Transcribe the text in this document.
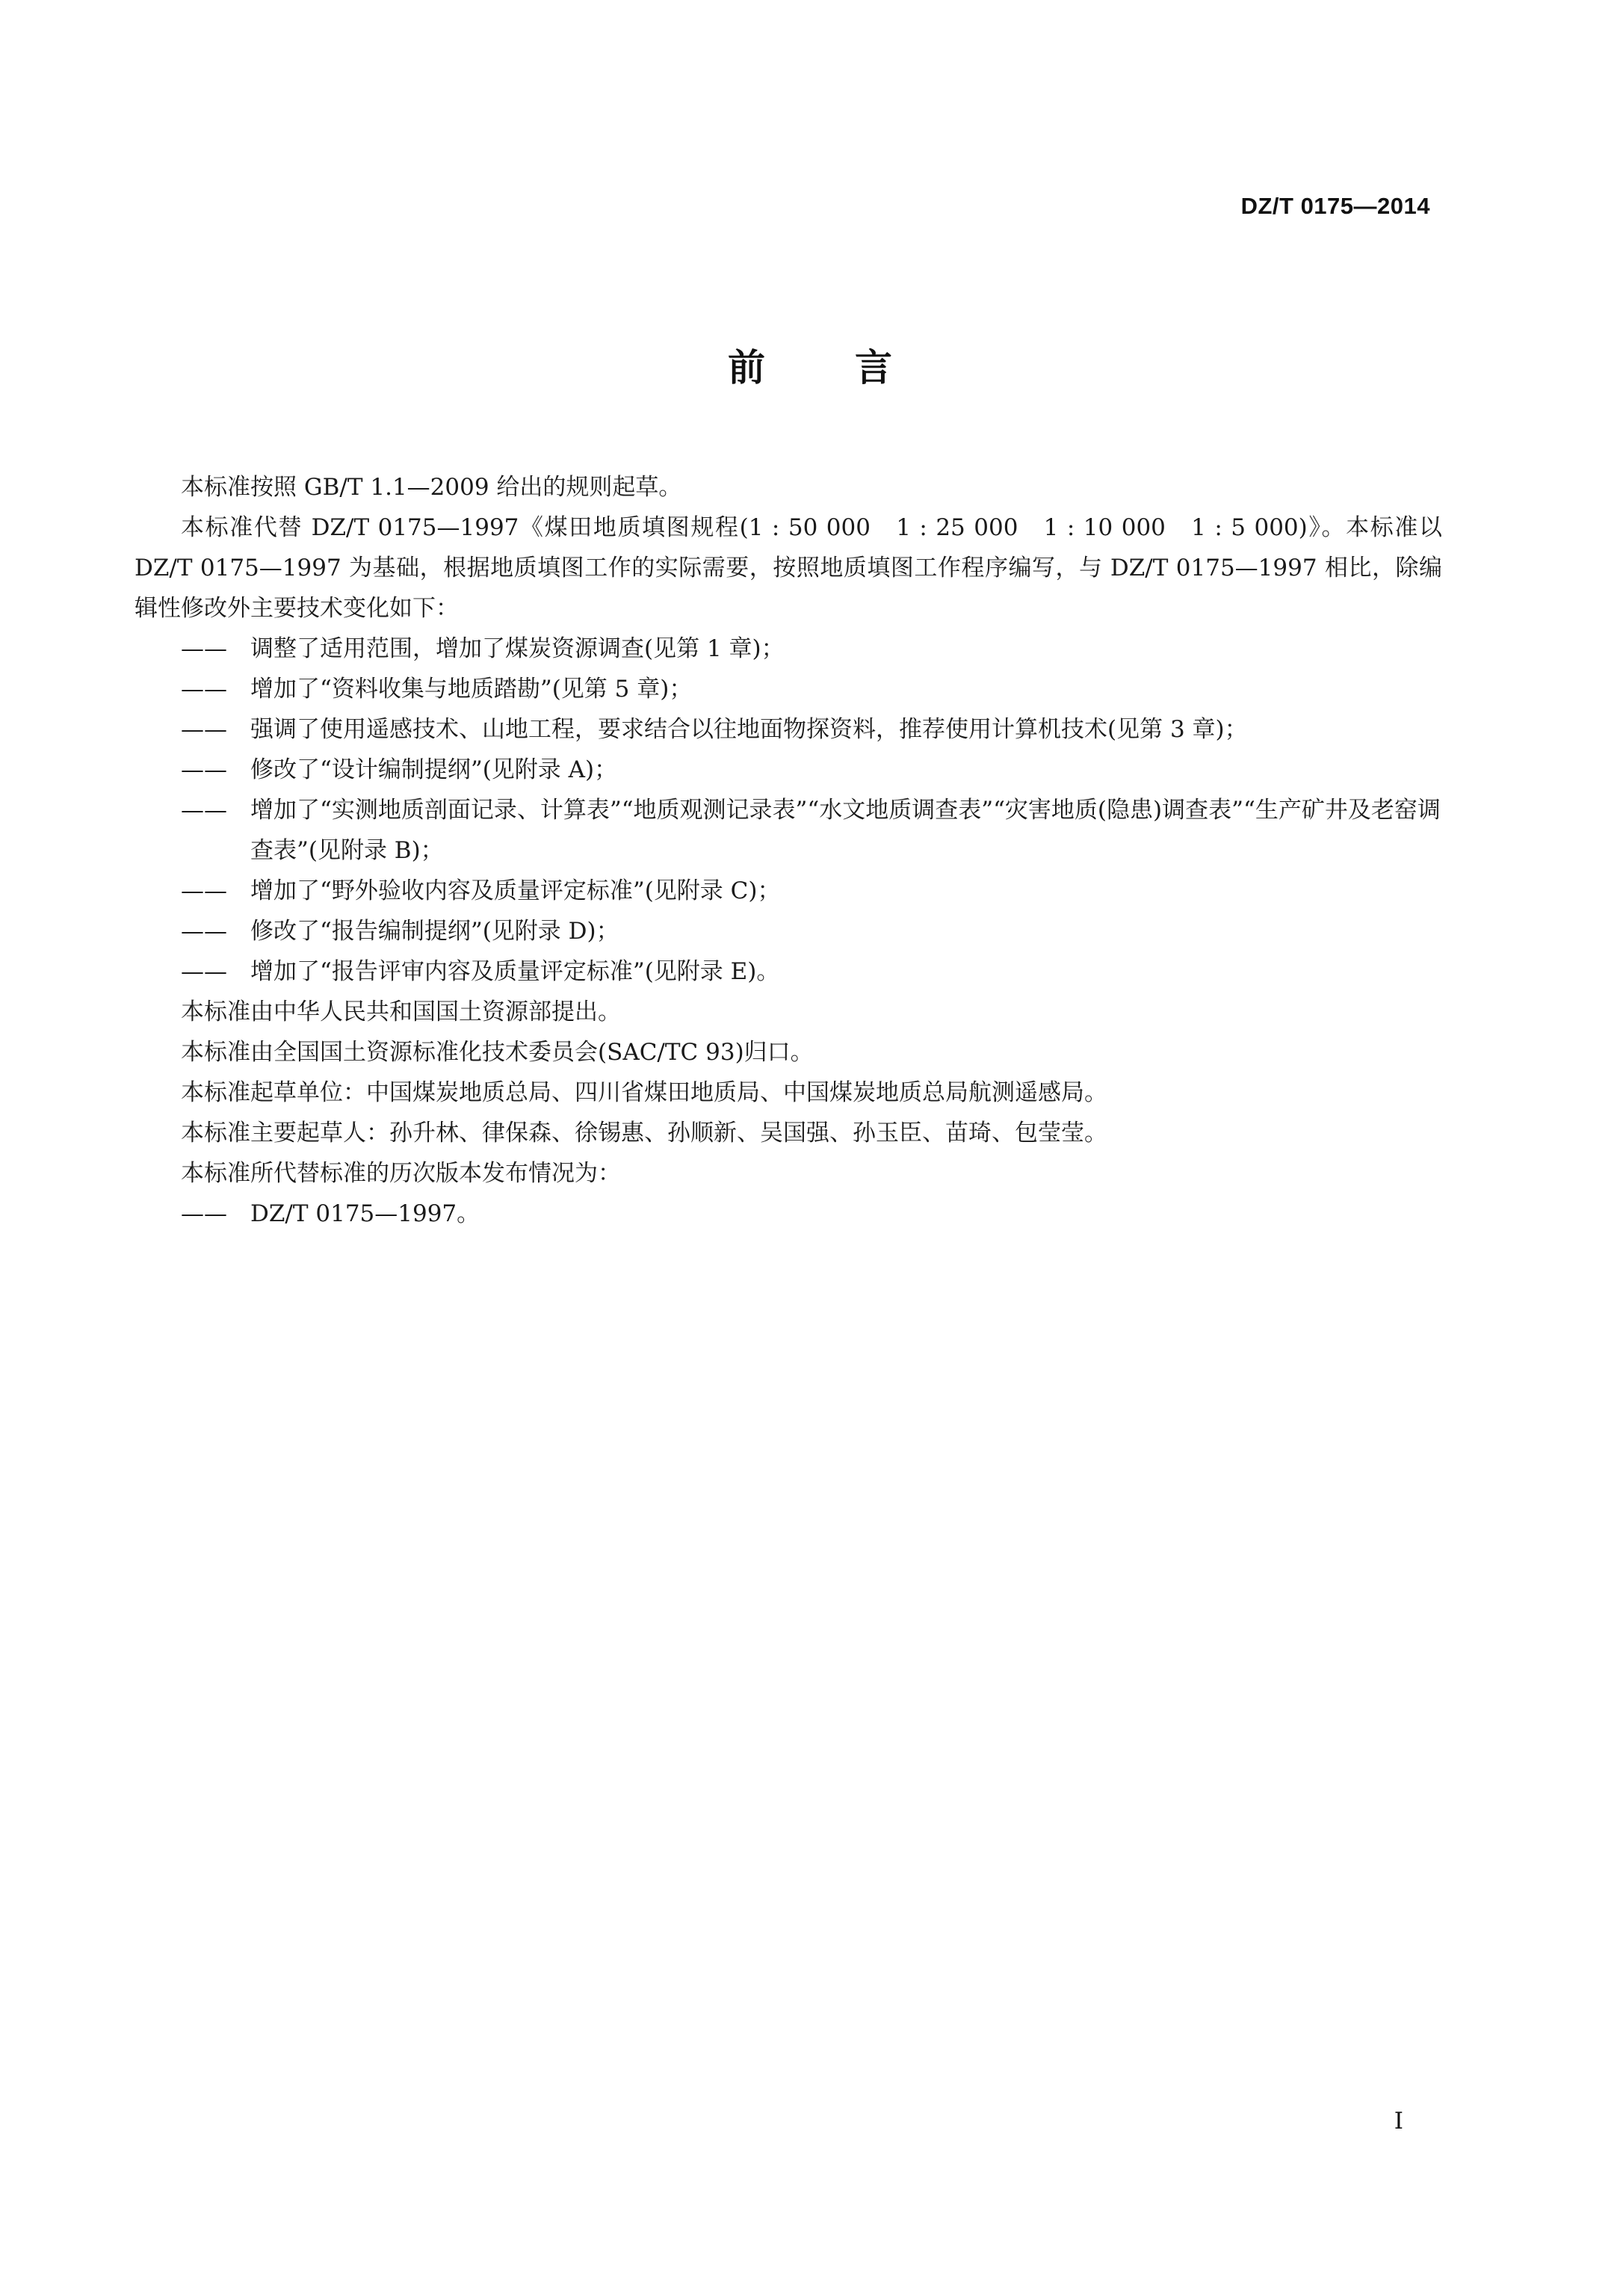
DZ/T 0175—2014
前言

本标准按照 GB/T 1.1—2009 给出的规则起草。

本标准代替 DZ/T 0175—1997《煤田地质填图规程(1 : 50 000　1 : 25 000　1 : 10 000　1 : 5 000)》。本标准以 DZ/T 0175—1997 为基础，根据地质填图工作的实际需要，按照地质填图工作程序编写，与 DZ/T 0175—1997 相比，除编辑性修改外主要技术变化如下：

—— 调整了适用范围，增加了煤炭资源调查(见第 1 章)；
—— 增加了“资料收集与地质踏勘”(见第 5 章)；
—— 强调了使用遥感技术、山地工程，要求结合以往地面物探资料，推荐使用计算机技术(见第 3 章)；
—— 修改了“设计编制提纲”(见附录 A)；
—— 增加了“实测地质剖面记录、计算表”“地质观测记录表”“水文地质调查表”“灾害地质(隐患)调查表”“生产矿井及老窑调查表”(见附录 B)；
—— 增加了“野外验收内容及质量评定标准”(见附录 C)；
—— 修改了“报告编制提纲”(见附录 D)；
—— 增加了“报告评审内容及质量评定标准”(见附录 E)。

本标准由中华人民共和国国土资源部提出。

本标准由全国国土资源标准化技术委员会(SAC/TC 93)归口。

本标准起草单位：中国煤炭地质总局、四川省煤田地质局、中国煤炭地质总局航测遥感局。

本标准主要起草人：孙升林、律保森、徐锡惠、孙顺新、吴国强、孙玉臣、苗琦、包莹莹。

本标准所代替标准的历次版本发布情况为：

—— DZ/T 0175—1997。
I
